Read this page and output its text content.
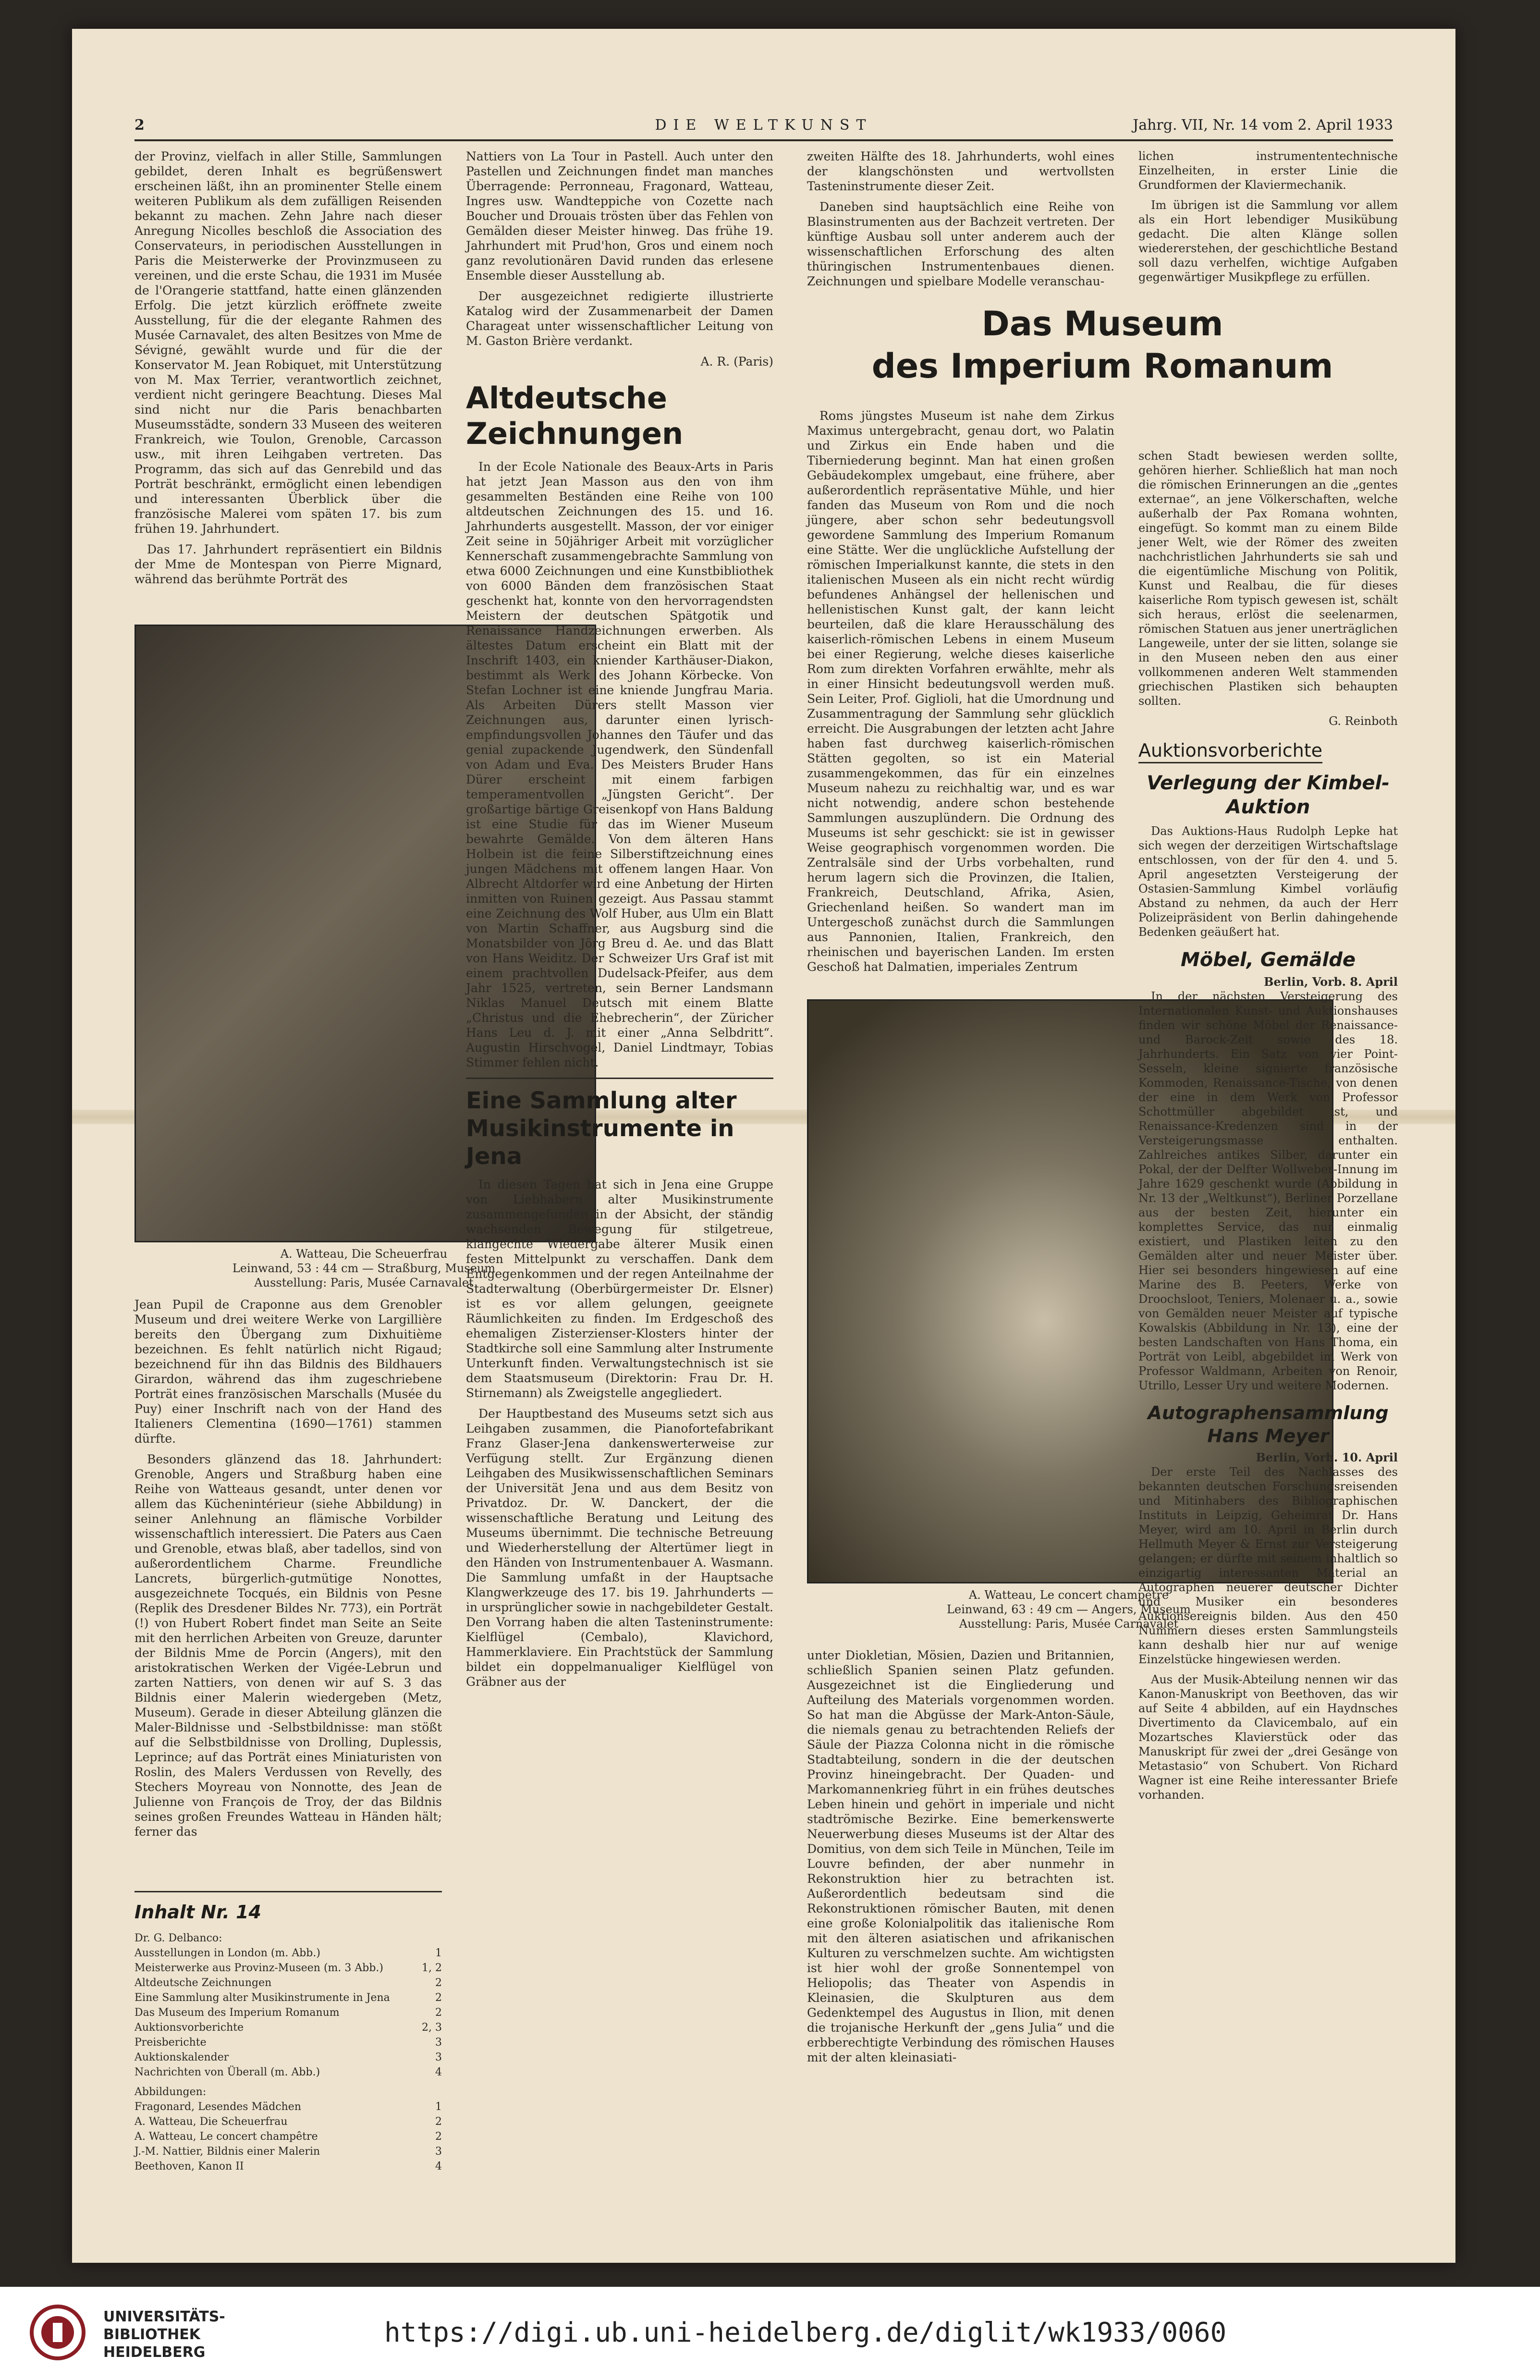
2	DIE WELTKUNST	Jahrg. VII, Nr. 14 vom 2. April 1933

der Provinz, vielfach in aller Stille, Sammlungen gebildet, deren Inhalt es begrüßenswert erscheinen läßt, ihn an prominenter Stelle einem weiteren Publikum als dem zufälligen Reisenden bekannt zu machen. Zehn Jahre nach dieser Anregung Nicolles beschloß die Association des Conservateurs, in periodischen Ausstellungen in Paris die Meisterwerke der Provinzmuseen zu vereinen, und die erste Schau, die 1931 im Musée de l'Orangerie stattfand, hatte einen glänzenden Erfolg. Die jetzt kürzlich eröffnete zweite Ausstellung, für die der elegante Rahmen des Musée Carnavalet, des alten Besitzes von Mme de Sévigné, gewählt wurde und für die der Konservator M. Jean Robiquet, mit Unterstützung von M. Max Terrier, verantwortlich zeichnet, verdient nicht geringere Beachtung. Dieses Mal sind nicht nur die Paris benachbarten Museumsstädte, sondern 33 Museen des weiteren Frankreich, wie Toulon, Grenoble, Carcasson usw., mit ihren Leihgaben vertreten. Das Programm, das sich auf das Genrebild und das Porträt beschränkt, ermöglicht einen lebendigen und interessanten Überblick über die französische Malerei vom späten 17. bis zum frühen 19. Jahrhundert.

Das 17. Jahrhundert repräsentiert ein Bildnis der Mme de Montespan von Pierre Mignard, während das berühmte Porträt des

A. Watteau, Die Scheuerfrau
Leinwand, 53 : 44 cm — Straßburg, Museum
Ausstellung: Paris, Musée Carnavalet

Jean Pupil de Craponne aus dem Grenobler Museum und drei weitere Werke von Largillière bereits den Übergang zum Dixhuitième bezeichnen. Es fehlt natürlich nicht Rigaud; bezeichnend für ihn das Bildnis des Bildhauers Girardon, während das ihm zugeschriebene Porträt eines französischen Marschalls (Musée du Puy) einer Inschrift nach von der Hand des Italieners Clementina (1690—1761) stammen dürfte.

Besonders glänzend das 18. Jahrhundert: Grenoble, Angers und Straßburg haben eine Reihe von Watteaus gesandt, unter denen vor allem das Küchenintérieur (siehe Abbildung) in seiner Anlehnung an flämische Vorbilder wissenschaftlich interessiert. Die Paters aus Caen und Grenoble, etwas blaß, aber tadellos, sind von außerordentlichem Charme. Freundliche Lancrets, bürgerlich-gutmütige Nonottes, ausgezeichnete Tocqués, ein Bildnis von Pesne (Replik des Dresdener Bildes Nr. 773), ein Porträt (!) von Hubert Robert findet man Seite an Seite mit den herrlichen Arbeiten von Greuze, darunter der Bildnis Mme de Porcin (Angers), mit den aristokratischen Werken der Vigée-Lebrun und zarten Nattiers, von denen wir auf S. 3 das Bildnis einer Malerin wiedergeben (Metz, Museum). Gerade in dieser Abteilung glänzen die Maler-Bildnisse und -Selbstbildnisse: man stößt auf die Selbstbildnisse von Drolling, Duplessis, Leprince; auf das Porträt eines Miniaturisten von Roslin, des Malers Verdussen von Revelly, des Stechers Moyreau von Nonnotte, des Jean de Julienne von François de Troy, der das Bildnis seines großen Freundes Watteau in Händen hält; ferner das

Inhalt Nr. 14
Dr. G. Delbanco:
Ausstellungen in London (m. Abb.)	1
Meisterwerke aus Provinz-Museen (m. 3 Abb.)	1, 2
Altdeutsche Zeichnungen	2
Eine Sammlung alter Musikinstrumente in Jena	2
Das Museum des Imperium Romanum	2
Auktionsvorberichte	2, 3
Preisberichte	3
Auktionskalender	3
Nachrichten von Überall (m. Abb.)	4
Abbildungen:
Fragonard, Lesendes Mädchen	1
A. Watteau, Die Scheuerfrau	2
A. Watteau, Le concert champêtre	2
J.-M. Nattier, Bildnis einer Malerin	3
Beethoven, Kanon II	4

Nattiers von La Tour in Pastell. Auch unter den Pastellen und Zeichnungen findet man manches Überragende: Perronneau, Fragonard, Watteau, Ingres usw. Wandteppiche von Cozette nach Boucher und Drouais trösten über das Fehlen von Gemälden dieser Meister hinweg. Das frühe 19. Jahrhundert mit Prud'hon, Gros und einem noch ganz revolutionären David runden das erlesene Ensemble dieser Ausstellung ab.

Der ausgezeichnet redigierte illustrierte Katalog wird der Zusammenarbeit der Damen Charageat unter wissenschaftlicher Leitung von M. Gaston Brière verdankt.

A. R. (Paris)
Altdeutsche Zeichnungen

In der Ecole Nationale des Beaux-Arts in Paris hat jetzt Jean Masson aus den von ihm gesammelten Beständen eine Reihe von 100 altdeutschen Zeichnungen des 15. und 16. Jahrhunderts ausgestellt. Masson, der vor einiger Zeit seine in 50jähriger Arbeit mit vorzüglicher Kennerschaft zusammengebrachte Sammlung von etwa 6000 Zeichnungen und eine Kunstbibliothek von 6000 Bänden dem französischen Staat geschenkt hat, konnte von den hervorragendsten Meistern der deutschen Spätgotik und Renaissance Handzeichnungen erwerben. Als ältestes Datum erscheint ein Blatt mit der Inschrift 1403, ein kniender Karthäuser-Diakon, bestimmt als Werk des Johann Körbecke. Von Stefan Lochner ist eine kniende Jungfrau Maria. Als Arbeiten Dürers stellt Masson vier Zeichnungen aus, darunter einen lyrisch-empfindungsvollen Johannes den Täufer und das genial zupackende Jugendwerk, den Sündenfall von Adam und Eva. Des Meisters Bruder Hans Dürer erscheint mit einem farbigen temperamentvollen „Jüngsten Gericht“. Der großartige bärtige Greisenkopf von Hans Baldung ist eine Studie für das im Wiener Museum bewahrte Gemälde. Von dem älteren Hans Holbein ist die feine Silberstiftzeichnung eines jungen Mädchens mit offenem langen Haar. Von Albrecht Altdorfer wird eine Anbetung der Hirten inmitten von Ruinen gezeigt. Aus Passau stammt eine Zeichnung des Wolf Huber, aus Ulm ein Blatt von Martin Schaffner, aus Augsburg sind die Monatsbilder von Jörg Breu d. Ae. und das Blatt von Hans Weiditz. Der Schweizer Urs Graf ist mit einem prachtvollen Dudelsack-Pfeifer, aus dem Jahr 1525, vertreten, sein Berner Landsmann Niklas Manuel Deutsch mit einem Blatte „Christus und die Ehebrecherin“, der Züricher Hans Leu d. J. mit einer „Anna Selbdritt“. Augustin Hirschvogel, Daniel Lindtmayr, Tobias Stimmer fehlen nicht.

Eine Sammlung alter Musikinstrumente in Jena

In diesen Tagen hat sich in Jena eine Gruppe von Liebhabern alter Musikinstrumente zusammengefunden in der Absicht, der ständig wachsenden Bewegung für stilgetreue, klangechte Wiedergabe älterer Musik einen festen Mittelpunkt zu verschaffen. Dank dem Entgegenkommen und der regen Anteilnahme der Stadterwaltung (Oberbürgermeister Dr. Elsner) ist es vor allem gelungen, geeignete Räumlichkeiten zu finden. Im Erdgeschoß des ehemaligen Zisterzienser-Klosters hinter der Stadtkirche soll eine Sammlung alter Instrumente Unterkunft finden. Verwaltungstechnisch ist sie dem Staatsmuseum (Direktorin: Frau Dr. H. Stirnemann) als Zweigstelle angegliedert.

Der Hauptbestand des Museums setzt sich aus Leihgaben zusammen, die Pianofortefabrikant Franz Glaser-Jena dankenswerterweise zur Verfügung stellt. Zur Ergänzung dienen Leihgaben des Musikwissenschaftlichen Seminars der Universität Jena und aus dem Besitz von Privatdoz. Dr. W. Danckert, der die wissenschaftliche Beratung und Leitung des Museums übernimmt. Die technische Betreuung und Wiederherstellung der Altertümer liegt in den Händen von Instrumentenbauer A. Wasmann. Die Sammlung umfaßt in der Hauptsache Klangwerkzeuge des 17. bis 19. Jahrhunderts — in ursprünglicher sowie in nachgebildeter Gestalt. Den Vorrang haben die alten Tasteninstrumente: Kielflügel (Cembalo), Klavichord, Hammerklaviere. Ein Prachtstück der Sammlung bildet ein doppelmanualiger Kielflügel von Gräbner aus der

zweiten Hälfte des 18. Jahrhunderts, wohl eines der klangschönsten und wertvollsten Tasteninstrumente dieser Zeit.

Daneben sind hauptsächlich eine Reihe von Blasinstrumenten aus der Bachzeit vertreten. Der künftige Ausbau soll unter anderem auch der wissenschaftlichen Erforschung des alten thüringischen Instrumentenbaues dienen. Zeichnungen und spielbare Modelle veranschau-

Das Museum
des Imperium Romanum

Roms jüngstes Museum ist nahe dem Zirkus Maximus untergebracht, genau dort, wo Palatin und Zirkus ein Ende haben und die Tiberniederung beginnt. Man hat einen großen Gebäudekomplex umgebaut, eine frühere, aber außerordentlich repräsentative Mühle, und hier fanden das Museum von Rom und die noch jüngere, aber schon sehr bedeutungsvoll gewordene Sammlung des Imperium Romanum eine Stätte. Wer die unglückliche Aufstellung der römischen Imperialkunst kannte, die stets in den italienischen Museen als ein nicht recht würdig befundenes Anhängsel der hellenischen und hellenistischen Kunst galt, der kann leicht beurteilen, daß die klare Herausschälung des kaiserlich-römischen Lebens in einem Museum bei einer Regierung, welche dieses kaiserliche Rom zum direkten Vorfahren erwählte, mehr als in einer Hinsicht bedeutungsvoll werden muß. Sein Leiter, Prof. Giglioli, hat die Umordnung und Zusammentragung der Sammlung sehr glücklich erreicht. Die Ausgrabungen der letzten acht Jahre haben fast durchweg kaiserlich-römischen Stätten gegolten, so ist ein Material zusammengekommen, das für ein einzelnes Museum nahezu zu reichhaltig war, und es war nicht notwendig, andere schon bestehende Sammlungen auszuplündern. Die Ordnung des Museums ist sehr geschickt: sie ist in gewisser Weise geographisch vorgenommen worden. Die Zentralsäle sind der Urbs vorbehalten, rund herum lagern sich die Provinzen, die Italien, Frankreich, Deutschland, Afrika, Asien, Griechenland heißen. So wandert man im Untergeschoß zunächst durch die Sammlungen aus Pannonien, Italien, Frankreich, den rheinischen und bayerischen Landen. Im ersten Geschoß hat Dalmatien, imperiales Zentrum

A. Watteau, Le concert champêtre
Leinwand, 63 : 49 cm — Angers, Museum
Ausstellung: Paris, Musée Carnavalet

unter Diokletian, Mösien, Dazien und Britannien, schließlich Spanien seinen Platz gefunden. Ausgezeichnet ist die Eingliederung und Aufteilung des Materials vorgenommen worden. So hat man die Abgüsse der Mark-Anton-Säule, die niemals genau zu betrachtenden Reliefs der Säule der Piazza Colonna nicht in die römische Stadtabteilung, sondern in die der deutschen Provinz hineingebracht. Der Quaden- und Markomannenkrieg führt in ein frühes deutsches Leben hinein und gehört in imperiale und nicht stadtrömische Bezirke. Eine bemerkenswerte Neuerwerbung dieses Museums ist der Altar des Domitius, von dem sich Teile in München, Teile im Louvre befinden, der aber nunmehr in Rekonstruktion hier zu betrachten ist. Außerordentlich bedeutsam sind die Rekonstruktionen römischer Bauten, mit denen eine große Kolonialpolitik das italienische Rom mit den älteren asiatischen und afrikanischen Kulturen zu verschmelzen suchte. Am wichtigsten ist hier wohl der große Sonnentempel von Heliopolis; das Theater von Aspendis in Kleinasien, die Skulpturen aus dem Gedenktempel des Augustus in Ilion, mit denen die trojanische Herkunft der „gens Julia“ und die erbberechtigte Verbindung des römischen Hauses mit der alten kleinasiati-

lichen instrumententechnische Einzelheiten, in erster Linie die Grundformen der Klaviermechanik.

Im übrigen ist die Sammlung vor allem als ein Hort lebendiger Musikübung gedacht. Die alten Klänge sollen wiedererstehen, der geschichtliche Bestand soll dazu verhelfen, wichtige Aufgaben gegenwärtiger Musikpflege zu erfüllen.

schen Stadt bewiesen werden sollte, gehören hierher. Schließlich hat man noch die römischen Erinnerungen an die „gentes externae“, an jene Völkerschaften, welche außerhalb der Pax Romana wohnten, eingefügt. So kommt man zu einem Bilde jener Welt, wie der Römer des zweiten nachchristlichen Jahrhunderts sie sah und die eigentümliche Mischung von Politik, Kunst und Realbau, die für dieses kaiserliche Rom typisch gewesen ist, schält sich heraus, erlöst die seelenarmen, römischen Statuen aus jener unerträglichen Langeweile, unter der sie litten, solange sie in den Museen neben den aus einer vollkommenen anderen Welt stammenden griechischen Plastiken sich behaupten sollten.

G. Reinboth
Auktionsvorberichte
Verlegung der Kimbel-Auktion

Das Auktions-Haus Rudolph Lepke hat sich wegen der derzeitigen Wirtschaftslage entschlossen, von der für den 4. und 5. April angesetzten Versteigerung der Ostasien-Sammlung Kimbel vorläufig Abstand zu nehmen, da auch der Herr Polizeipräsident von Berlin dahingehende Bedenken geäußert hat.

Möbel, Gemälde
Berlin, Vorb. 8. April

In der nächsten Versteigerung des Internationalen Kunst- und Auktionshauses finden wir schöne Möbel der Renaissance- und Barock-Zeit sowie des 18. Jahrhunderts. Ein Satz von vier Point-Sesseln, kleine signierte französische Kommoden, Renaissance-Tische, von denen der eine in dem Werk von Professor Schottmüller abgebildet ist, und Renaissance-Kredenzen sind in der Versteigerungsmasse enthalten. Zahlreiches antikes Silber, darunter ein Pokal, der der Delfter Wollweber-Innung im Jahre 1629 geschenkt wurde (Abbildung in Nr. 13 der „Weltkunst“), Berliner Porzellane aus der besten Zeit, hierunter ein komplettes Service, das nur einmalig existiert, und Plastiken leiten zu den Gemälden alter und neuer Meister über. Hier sei besonders hingewiesen auf eine Marine des B. Peeters, Werke von Droochsloot, Teniers, Molenaer u. a., sowie von Gemälden neuer Meister auf typische Kowalskis (Abbildung in Nr. 13), eine der besten Landschaften von Hans Thoma, ein Porträt von Leibl, abgebildet im Werk von Professor Waldmann, Arbeiten von Renoir, Utrillo, Lesser Ury und weitere Modernen.

Autographensammlung Hans Meyer
Berlin, Vorb. 10. April

Der erste Teil des Nachlasses des bekannten deutschen Forschungsreisenden und Mitinhabers des Bibliographischen Instituts in Leipzig, Geheimrat Dr. Hans Meyer, wird am 10. April in Berlin durch Hellmuth Meyer & Ernst zur Versteigerung gelangen; er dürfte mit seinem inhaltlich so einzigartig interessanten Material an Autographen neuerer deutscher Dichter und Musiker ein besonderes Auktionsereignis bilden. Aus den 450 Nummern dieses ersten Sammlungsteils kann deshalb hier nur auf wenige Einzelstücke hingewiesen werden.

Aus der Musik-Abteilung nennen wir das Kanon-Manuskript von Beethoven, das wir auf Seite 4 abbilden, auf ein Haydnsches Divertimento da Clavicembalo, auf ein Mozartsches Klavierstück oder das Manuskript für zwei der „drei Gesänge von Metastasio“ von Schubert. Von Richard Wagner ist eine Reihe interessanter Briefe vorhanden.

UNIVERSITÄTS-
BIBLIOTHEK
HEIDELBERG
https://digi.ub.uni-heidelberg.de/diglit/wk1933/0060
